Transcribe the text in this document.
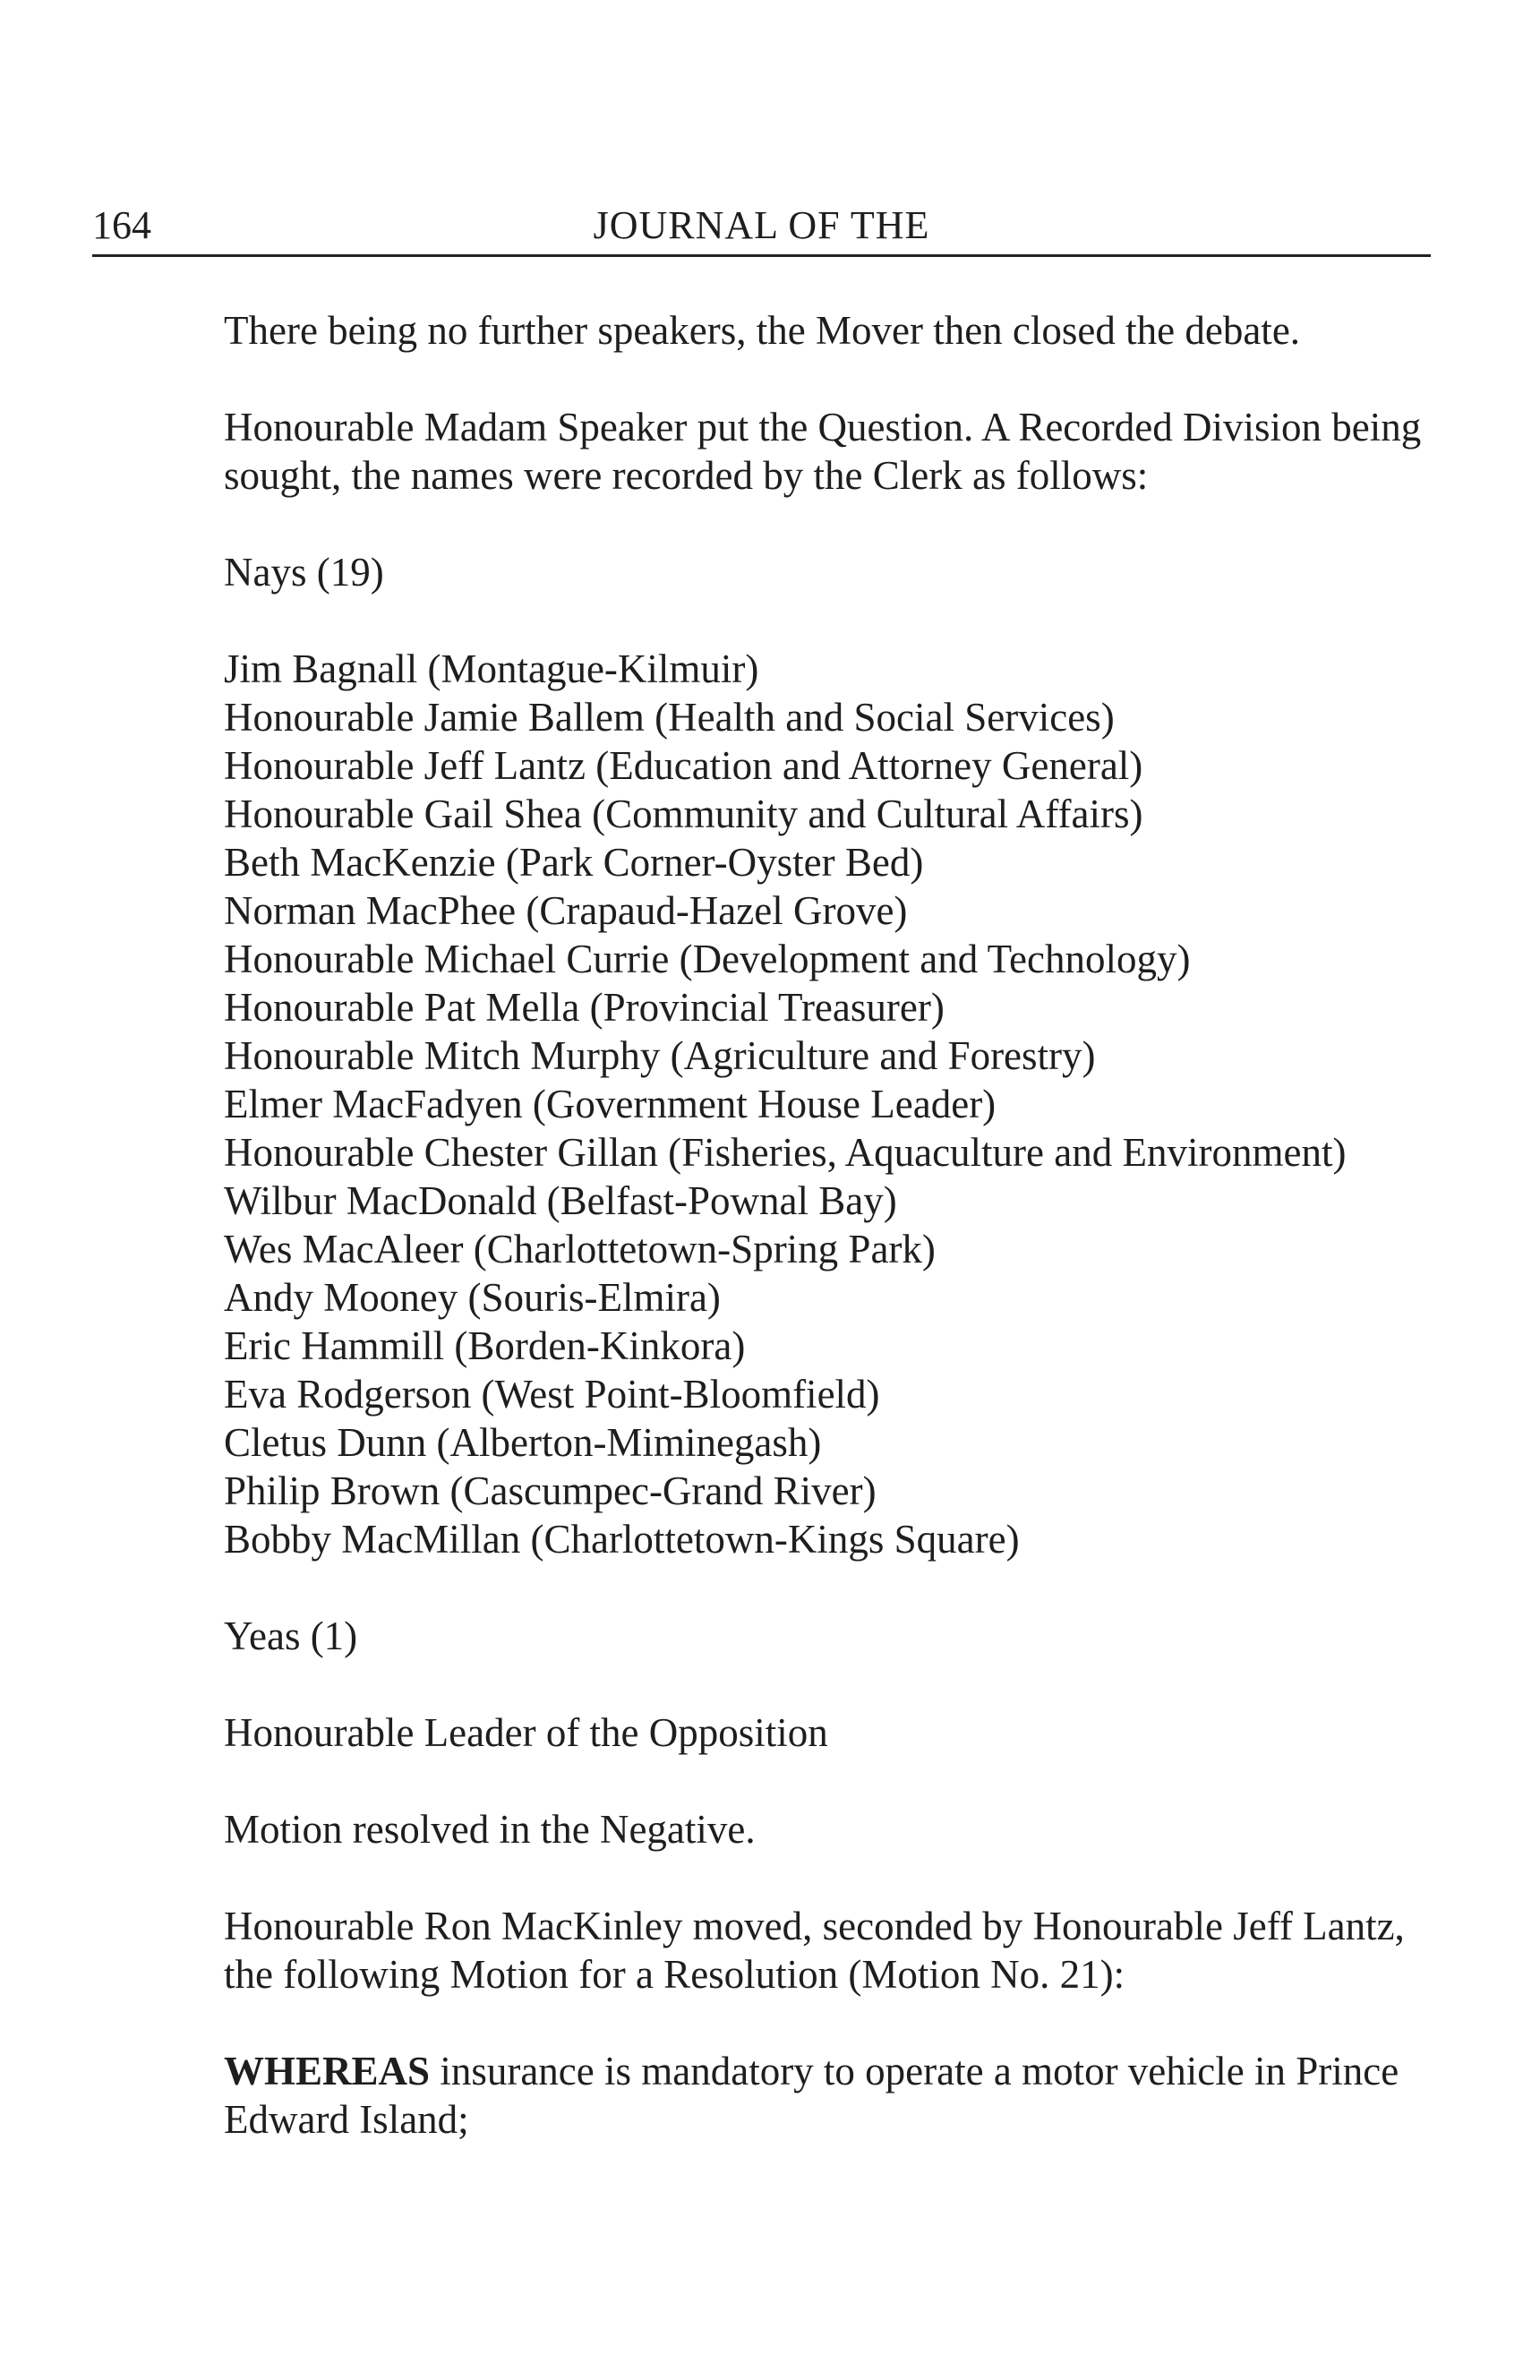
164	JOURNAL OF THE

There being no further speakers, the Mover then closed the debate.

Honourable Madam Speaker put the Question. A Recorded Division being
sought, the names were recorded by the Clerk as follows:

Nays (19)

Jim Bagnall (Montague-Kilmuir)
Honourable Jamie Ballem (Health and Social Services)
Honourable Jeff Lantz (Education and Attorney General)
Honourable Gail Shea (Community and Cultural Affairs)
Beth MacKenzie (Park Corner-Oyster Bed)
Norman MacPhee (Crapaud-Hazel Grove)
Honourable Michael Currie (Development and Technology)
Honourable Pat Mella (Provincial Treasurer)
Honourable Mitch Murphy (Agriculture and Forestry)
Elmer MacFadyen (Government House Leader)
Honourable Chester Gillan (Fisheries, Aquaculture and Environment)
Wilbur MacDonald (Belfast-Pownal Bay)
Wes MacAleer (Charlottetown-Spring Park)
Andy Mooney (Souris-Elmira)
Eric Hammill (Borden-Kinkora)
Eva Rodgerson (West Point-Bloomfield)
Cletus Dunn (Alberton-Miminegash)
Philip Brown (Cascumpec-Grand River)
Bobby MacMillan (Charlottetown-Kings Square)

Yeas (1)

Honourable Leader of the Opposition

Motion resolved in the Negative.

Honourable Ron MacKinley moved, seconded by Honourable Jeff Lantz,
the following Motion for a Resolution (Motion No. 21):

WHEREAS insurance is mandatory to operate a motor vehicle in Prince
Edward Island;
